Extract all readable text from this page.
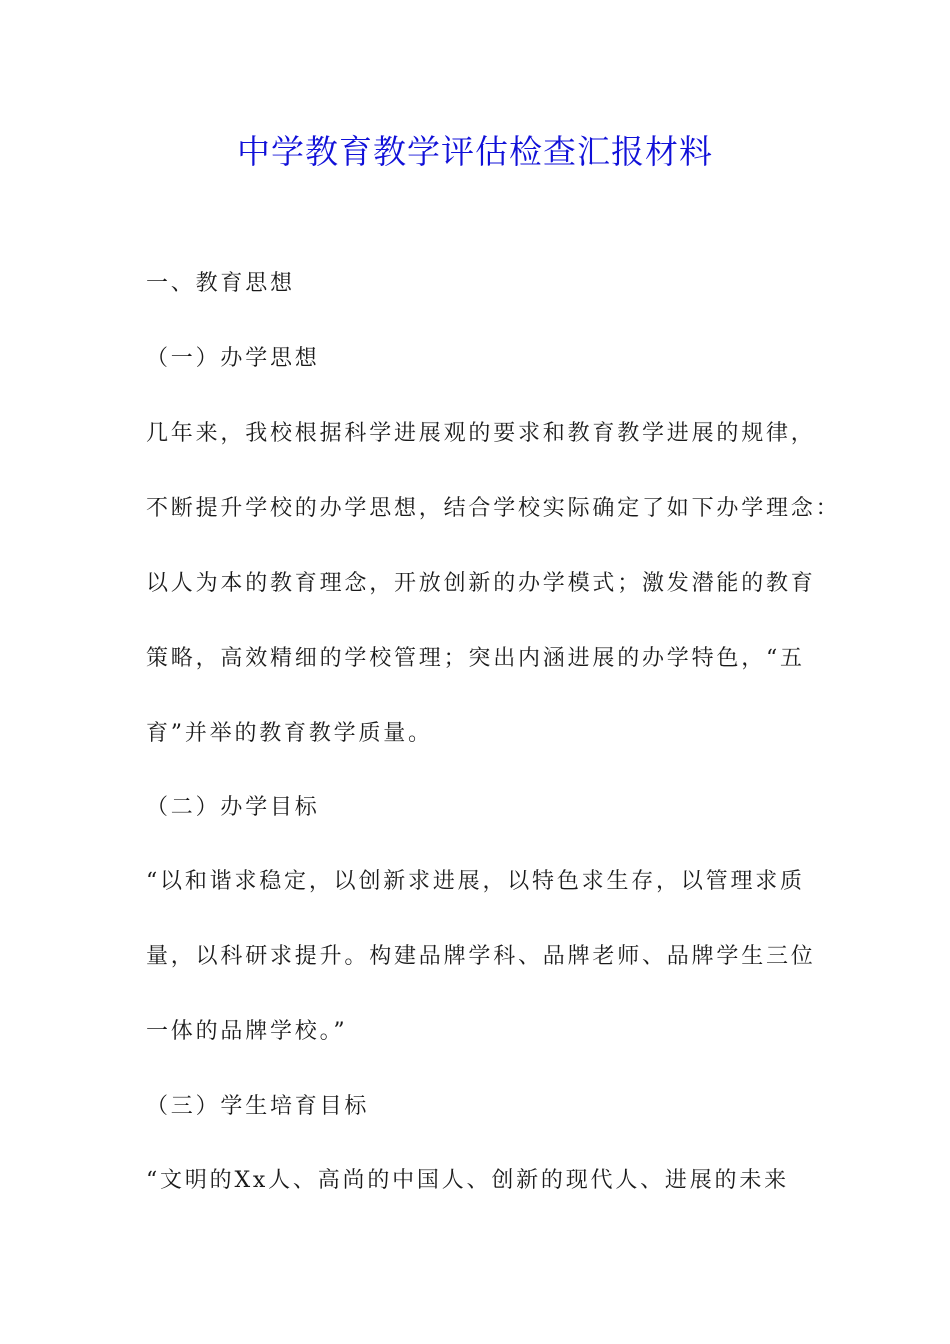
中学教育教学评估检查汇报材料
一、教育思想
（一）办学思想
几年来，我校根据科学进展观的要求和教育教学进展的规律，
不断提升学校的办学思想，结合学校实际确定了如下办学理念：
以人为本的教育理念，开放创新的办学模式；激发潜能的教育
策略，高效精细的学校管理；突出内涵进展的办学特色，“五
育”并举的教育教学质量。
（二）办学目标
“以和谐求稳定，以创新求进展，以特色求生存，以管理求质
量，以科研求提升。构建品牌学科、品牌老师、品牌学生三位
一体的品牌学校。”
（三）学生培育目标
“文明的Xx人、高尚的中国人、创新的现代人、进展的未来
